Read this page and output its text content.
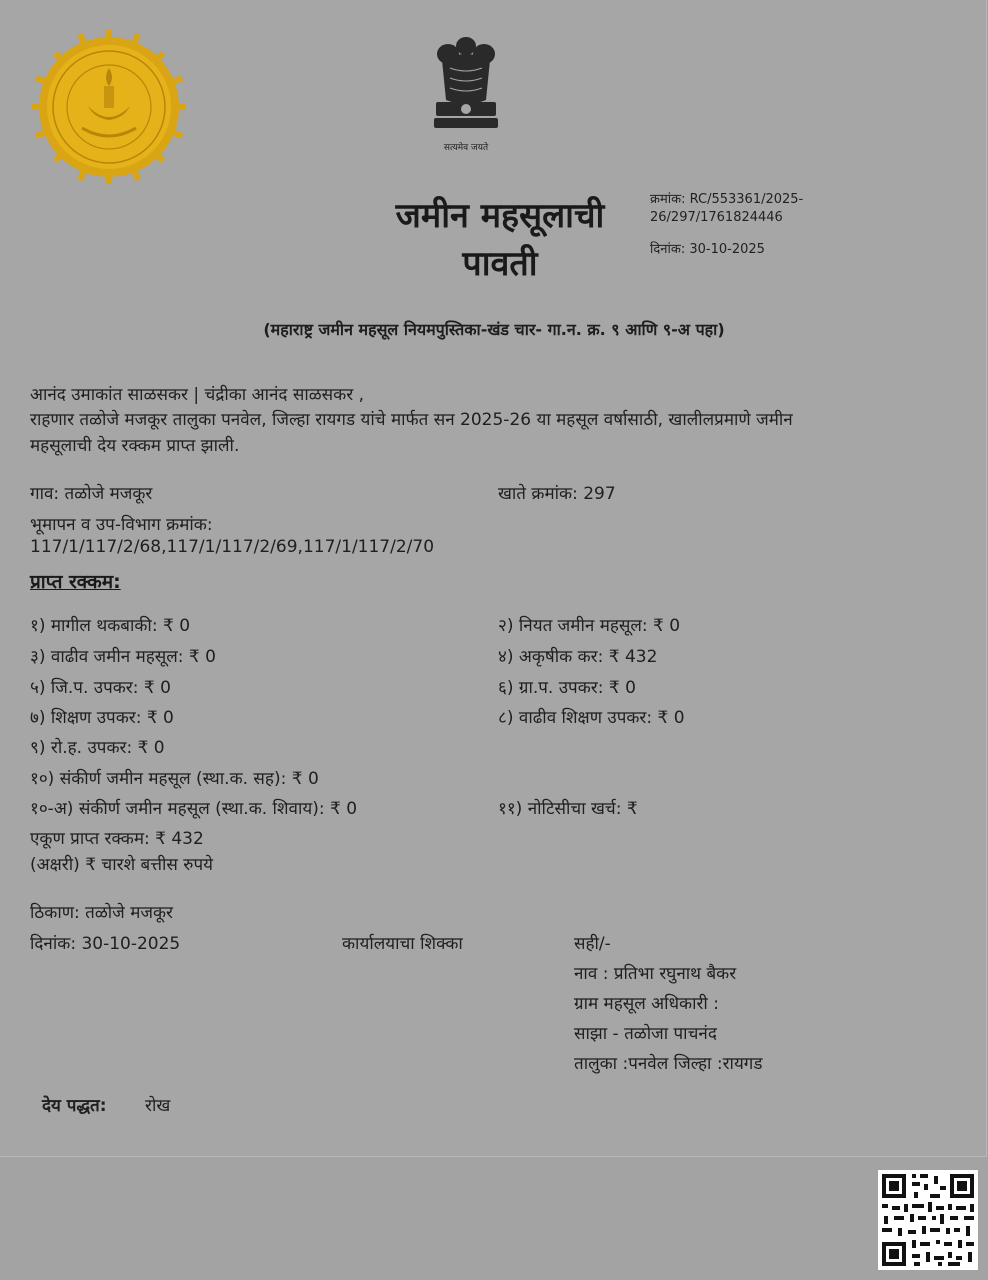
सत्यमेव जयते
जमीन महसूलाची
पावती
क्रमांक: RC/553361/2025-
26/297/1761824446
दिनांक: 30-10-2025
(महाराष्ट्र जमीन महसूल नियमपुस्तिका-खंड चार- गा.न. क्र. ९ आणि ९-अ पहा)
आनंद उमाकांत साळसकर | चंद्रीका आनंद साळसकर ,
राहणार तळोजे मजकूर तालुका पनवेल, जिल्हा रायगड यांचे मार्फत सन 2025-26 या महसूल वर्षासाठी, खालीलप्रमाणे जमीन
महसूलाची देय रक्कम प्राप्त झाली.
गाव: तळोजे मजकूर	खाते क्रमांक: 297
भूमापन व उप-विभाग क्रमांक:
117/1/117/2/68,117/1/117/2/69,117/1/117/2/70
प्राप्त रक्कम:
१) मागील थकबाकी: ₹ 0	२) नियत जमीन महसूल: ₹ 0
३) वाढीव जमीन महसूल: ₹ 0	४) अकृषीक कर: ₹ 432
५) जि.प. उपकर: ₹ 0	६) ग्रा.प. उपकर: ₹ 0
७) शिक्षण उपकर: ₹ 0	८) वाढीव शिक्षण उपकर: ₹ 0
९) रो.ह. उपकर: ₹ 0
१०) संकीर्ण जमीन महसूल (स्था.क. सह): ₹ 0
१०-अ) संकीर्ण जमीन महसूल (स्था.क. शिवाय): ₹ 0	११) नोटिसीचा खर्च: ₹
एकूण प्राप्त रक्कम: ₹ 432
(अक्षरी) ₹ चारशे बत्तीस रुपये
ठिकाण: तळोजे मजकूर
दिनांक: 30-10-2025	कार्यालयाचा शिक्का	सही/-
नाव : प्रतिभा रघुनाथ बैकर
ग्राम महसूल अधिकारी :
साझा - तळोजा पाचनंद
तालुका :पनवेल जिल्हा :रायगड
देय पद्धत: रोख
